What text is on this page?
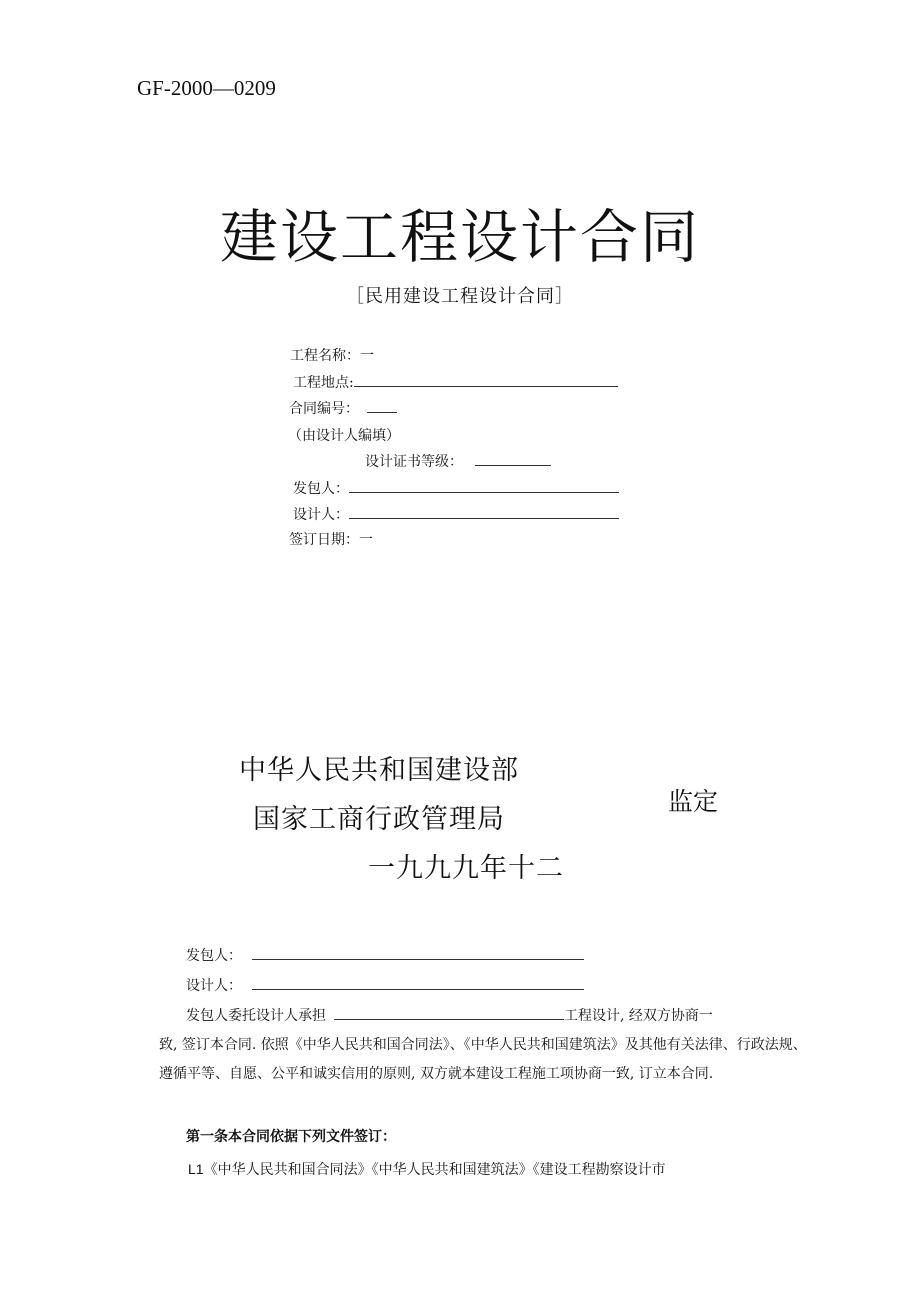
GF-2000—0209
建设工程设计合同
［民用建设工程设计合同］
工程名称：一
工程地点:
合同编号：
（由设计人编填）
设计证书等级：
发包人：
设计人：
签订日期：一
中华人民共和国建设部
国家工商行政管理局
监定
一九九九年十二
发包人：
设计人：
发包人委托设计人承担	工程设计, 经双方协商一
致, 签订本合同. 依照《中华人民共和国合同法》、《中华人民共和国建筑法》及其他有关法律、行政法规、遵循平等、自愿、公平和诚实信用的原则, 双方就本建设工程施工项协商一致, 订立本合同.
第一条本合同依据下列文件签订：
L1《中华人民共和国合同法》《中华人民共和国建筑法》《建设工程勘察设计市
